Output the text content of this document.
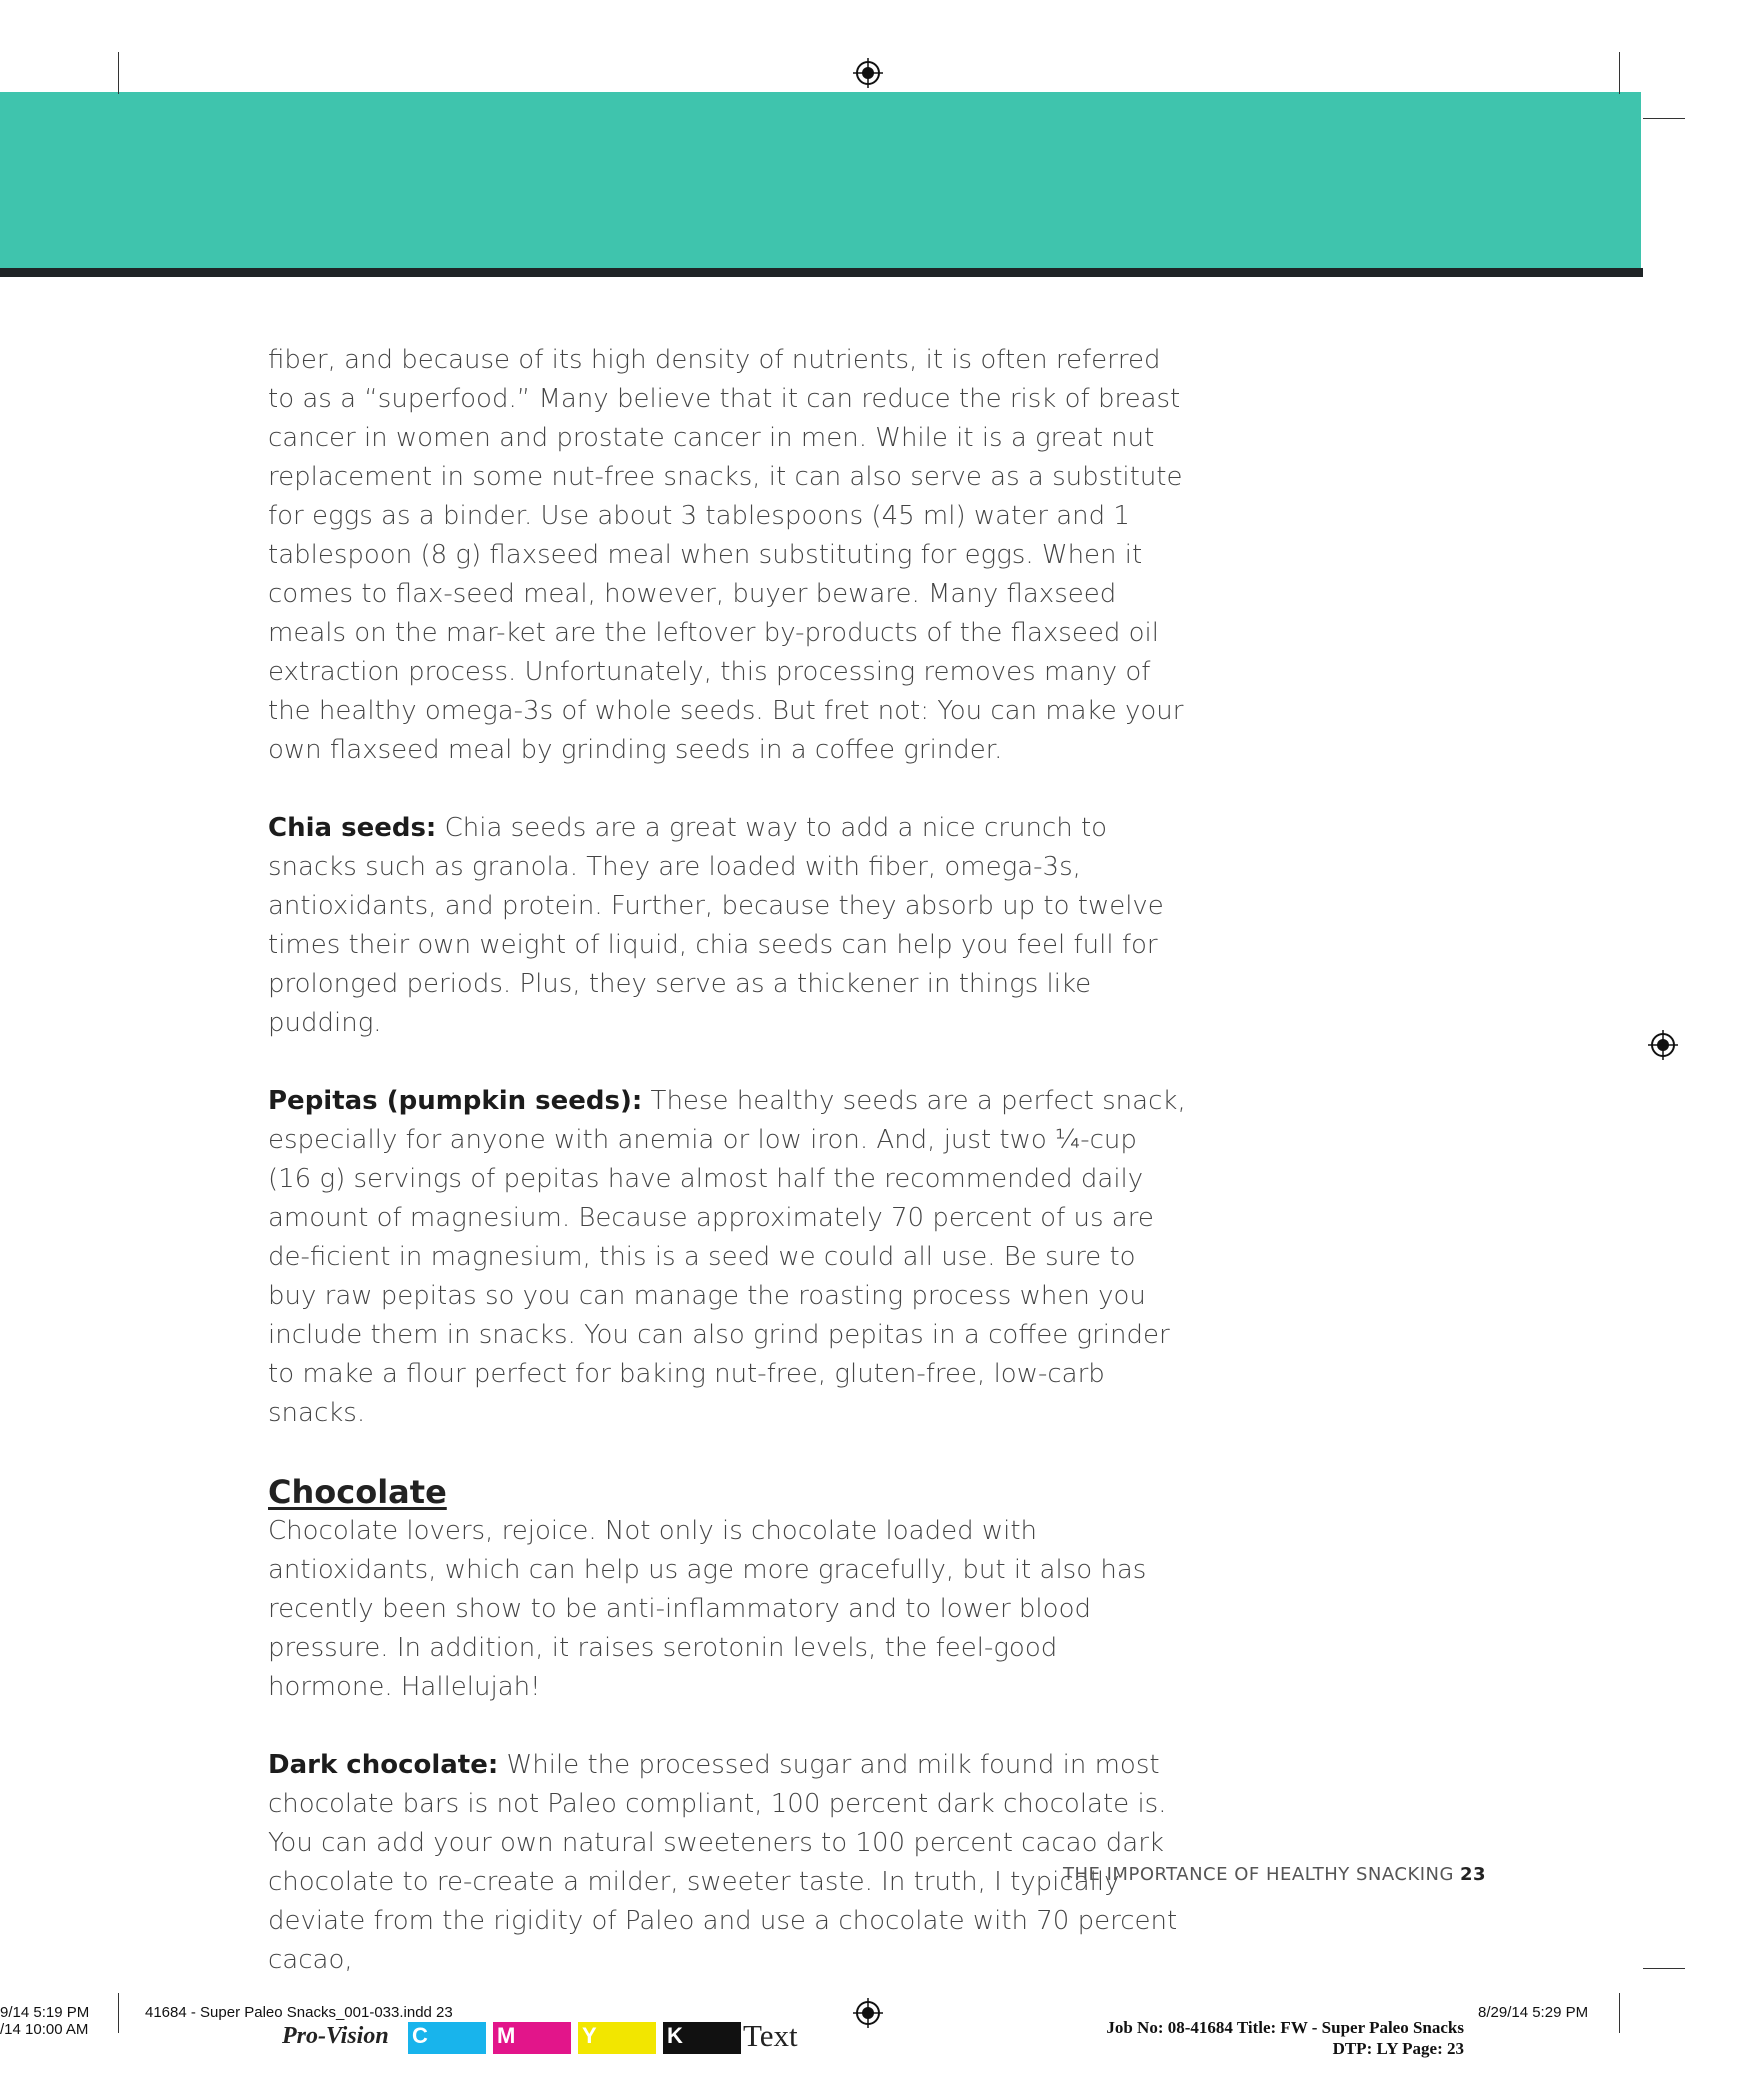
fiber, and because of its high density of nutrients, it is often referred to as a “superfood.” Many believe that it can reduce the risk of breast cancer in women and prostate cancer in men. While it is a great nut replacement in some nut-free snacks, it can also serve as a substitute for eggs as a binder. Use about 3 tablespoons (45 ml) water and 1 tablespoon (8 g) flaxseed meal when substituting for eggs. When it comes to flax-seed meal, however, buyer beware. Many flaxseed meals on the mar-ket are the leftover by-products of the flaxseed oil extraction process. Unfortunately, this processing removes many of the healthy omega-3s of whole seeds. But fret not: You can make your own flaxseed meal by grinding seeds in a coffee grinder.

Chia seeds: Chia seeds are a great way to add a nice crunch to snacks such as granola. They are loaded with fiber, omega-3s, antioxidants, and protein. Further, because they absorb up to twelve times their own weight of liquid, chia seeds can help you feel full for prolonged periods. Plus, they serve as a thickener in things like pudding.

Pepitas (pumpkin seeds): These healthy seeds are a perfect snack, especially for anyone with anemia or low iron. And, just two ¼-cup (16 g) servings of pepitas have almost half the recommended daily amount of magnesium. Because approximately 70 percent of us are de-ficient in magnesium, this is a seed we could all use. Be sure to buy raw pepitas so you can manage the roasting process when you include them in snacks. You can also grind pepitas in a coffee grinder to make a flour perfect for baking nut-free, gluten-free, low-carb snacks.

Chocolate

Chocolate lovers, rejoice. Not only is chocolate loaded with antioxidants, which can help us age more gracefully, but it also has recently been show to be anti-inflammatory and to lower blood pressure. In addition, it raises serotonin levels, the feel-good hormone. Hallelujah!

Dark chocolate: While the processed sugar and milk found in most chocolate bars is not Paleo compliant, 100 percent dark chocolate is. You can add your own natural sweeteners to 100 percent cacao dark chocolate to re-create a milder, sweeter taste. In truth, I typically deviate from the rigidity of Paleo and use a chocolate with 70 percent cacao,

THE IMPORTANCE OF HEALTHY SNACKING 23
9/14 5:19 PM
/14 10:00 AM
41684 - Super Paleo Snacks_001-033.indd 23
Pro-Vision C	M	Y	K Text	Job No: 08-41684 Title: FW - Super Paleo Snacks
DTP: LY Page: 23
8/29/14 5:29 PM
